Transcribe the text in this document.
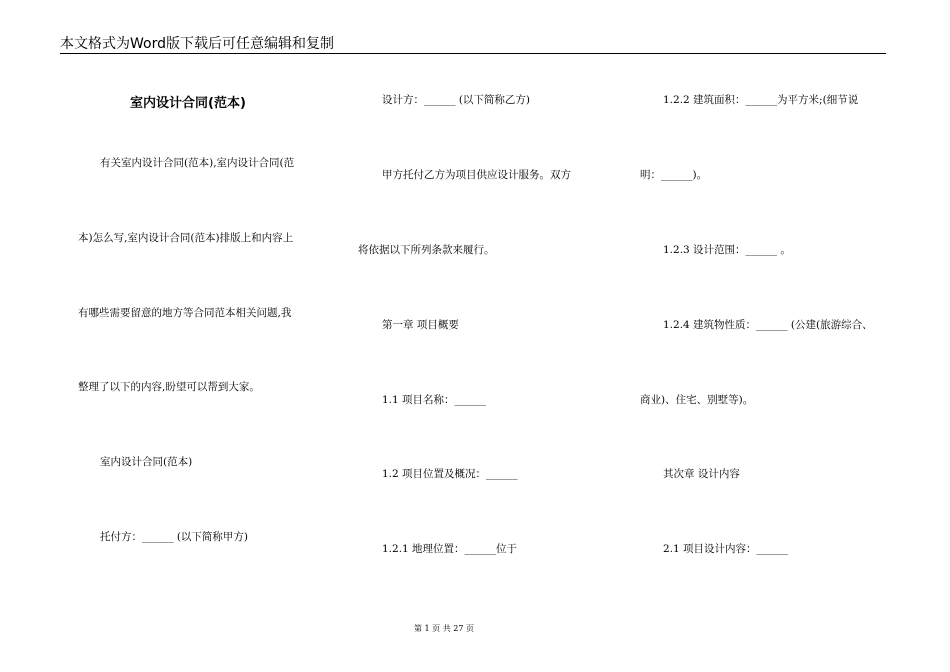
本文格式为Word版下载后可任意编辑和复制
室内设计合同(范本)
有关室内设计合同(范本),室内设计合同(范
本)怎么写,室内设计合同(范本)排版上和内容上
有哪些需要留意的地方等合同范本相关问题,我
整理了以下的内容,盼望可以帮到大家。
室内设计合同(范本)
托付方：______ (以下简称甲方)
设计方：______ (以下简称乙方)
甲方托付乙方为项目供应设计服务。双方
将依据以下所列条款来履行。
第一章 项目概要
1.1 项目名称：______
1.2 项目位置及概况：______
1.2.1 地理位置：______位于
1.2.2 建筑面积：______为平方米;(细节说
明：______)。
1.2.3 设计范围：______ 。
1.2.4 建筑物性质：______ (公建(旅游综合、
商业)、住宅、别墅等)。
其次章 设计内容
2.1 项目设计内容：______
第 1 页 共 27 页
